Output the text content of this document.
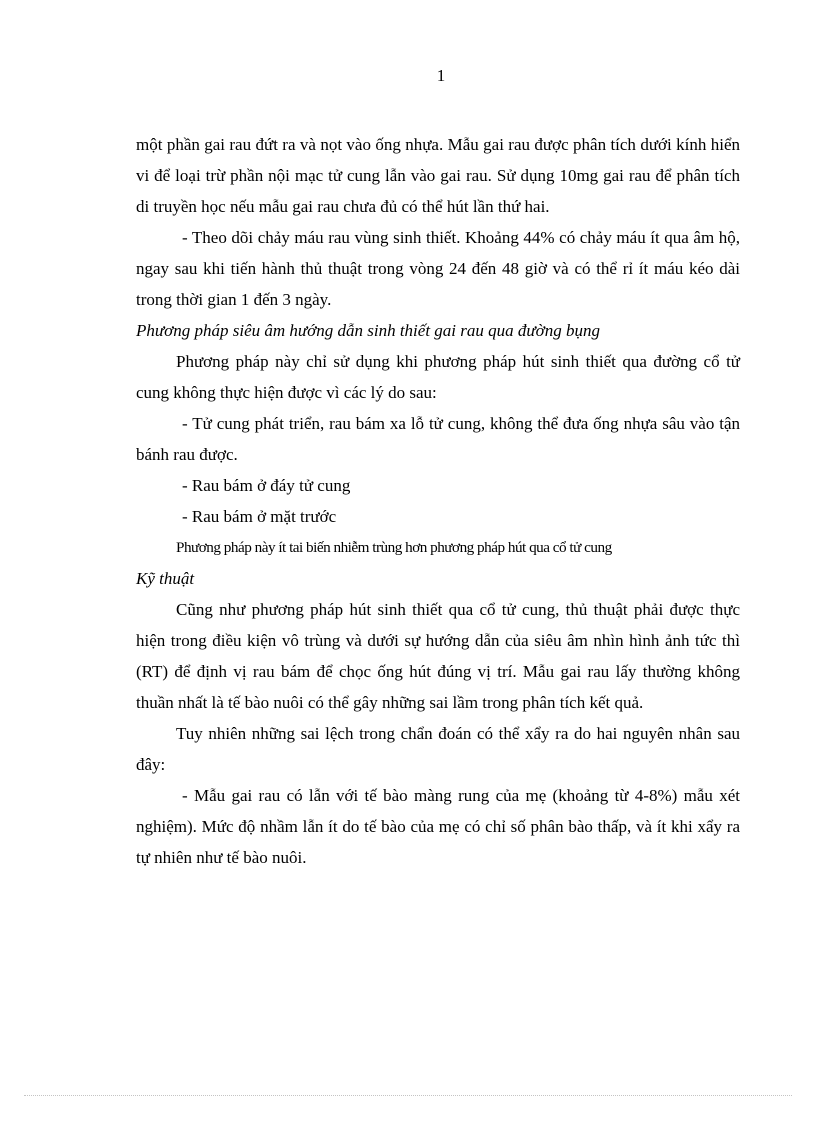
1

một phần gai rau đứt ra và nọt vào ống nhựa. Mẫu gai rau được phân tích dưới kính hiển vi để loại trừ phần nội mạc tử cung lẫn vào gai rau. Sử dụng 10mg gai rau để phân tích di truyền học nếu mẫu gai rau chưa đủ có thể hút lần thứ hai.

- Theo dõi chảy máu rau vùng sinh thiết. Khoảng 44% có chảy máu ít qua âm hộ, ngay sau khi tiến hành thủ thuật trong vòng 24 đến 48 giờ và có thể rỉ ít máu kéo dài trong thời gian 1 đến 3 ngày.

Phương pháp siêu âm hướng dẫn sinh thiết gai rau qua đường bụng

Phương pháp này chỉ sử dụng khi phương pháp hút sinh thiết qua đường cổ tử cung không thực hiện được vì các lý do sau:

- Tử cung phát triển, rau bám xa lỗ tử cung, không thể đưa ống nhựa sâu vào tận bánh rau được.

- Rau bám ở đáy tử cung

- Rau bám ở mặt trước

Phương pháp này ít tai biến nhiễm trùng hơn phương pháp hút qua cổ tử cung

Kỹ thuật

Cũng như phương pháp hút sinh thiết qua cổ tử cung, thủ thuật phải được thực hiện trong điều kiện vô trùng và dưới sự hướng dẫn của siêu âm nhìn hình ảnh tức thì (RT) để định vị rau bám để chọc ống hút đúng vị trí. Mẫu gai rau lấy thường không thuần nhất là tế bào nuôi có thể gây những sai lầm trong phân tích kết quả.

Tuy nhiên những sai lệch trong chẩn đoán có thể xẩy ra do hai nguyên nhân sau đây:

- Mẫu gai rau có lẫn với tế bào màng rung của mẹ (khoảng từ 4-8%) mẫu xét nghiệm). Mức độ nhầm lẫn ít do tế bào của mẹ có chỉ số phân bào thấp, và ít khi xẩy ra tự nhiên như tế bào nuôi.
